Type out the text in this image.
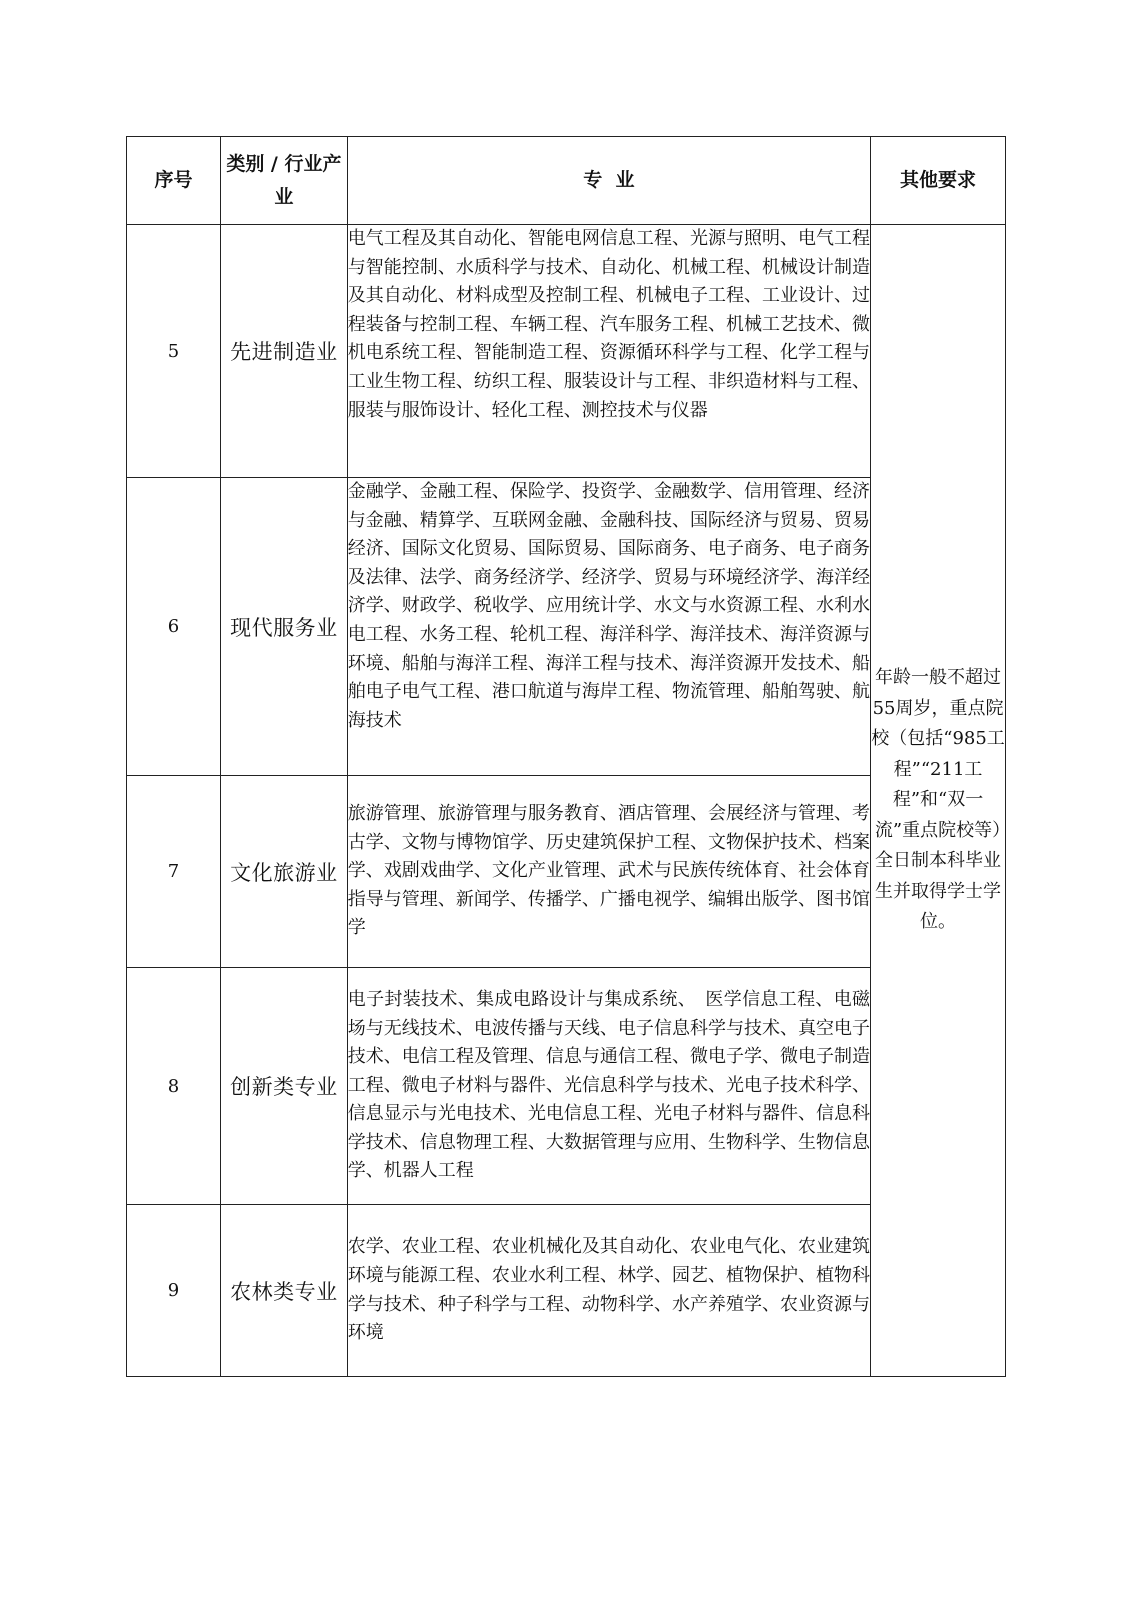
序号	类别 / 行业产业	专  业	其他要求
5	先进制造业	电气工程及其自动化、智能电网信息工程、光源与照明、电气工程与智能控制、水质科学与技术、自动化、机械工程、机械设计制造及其自动化、材料成型及控制工程、机械电子工程、工业设计、过程装备与控制工程、车辆工程、汽车服务工程、机械工艺技术、微机电系统工程、智能制造工程、资源循环科学与工程、化学工程与工业生物工程、纺织工程、服装设计与工程、非织造材料与工程、服装与服饰设计、轻化工程、测控技术与仪器	年龄一般不超过55周岁，重点院校（包括“985工程”“211工程”和“双一流”重点院校等）全日制本科毕业生并取得学士学位。
6	现代服务业	金融学、金融工程、保险学、投资学、金融数学、信用管理、经济与金融、精算学、互联网金融、金融科技、国际经济与贸易、贸易经济、国际文化贸易、国际贸易、国际商务、电子商务、电子商务及法律、法学、商务经济学、经济学、贸易与环境经济学、海洋经济学、财政学、税收学、应用统计学、水文与水资源工程、水利水电工程、水务工程、轮机工程、海洋科学、海洋技术、海洋资源与环境、船舶与海洋工程、海洋工程与技术、海洋资源开发技术、船舶电子电气工程、港口航道与海岸工程、物流管理、船舶驾驶、航海技术	
7	文化旅游业	旅游管理、旅游管理与服务教育、酒店管理、会展经济与管理、考古学、文物与博物馆学、历史建筑保护工程、文物保护技术、档案学、戏剧戏曲学、文化产业管理、武术与民族传统体育、社会体育指导与管理、新闻学、传播学、广播电视学、编辑出版学、图书馆学	
8	创新类专业	电子封装技术、集成电路设计与集成系统、　医学信息工程、电磁场与无线技术、电波传播与天线、电子信息科学与技术、真空电子技术、电信工程及管理、信息与通信工程、微电子学、微电子制造工程、微电子材料与器件、光信息科学与技术、光电子技术科学、信息显示与光电技术、光电信息工程、光电子材料与器件、信息科学技术、信息物理工程、大数据管理与应用、生物科学、生物信息学、机器人工程	
9	农林类专业	农学、农业工程、农业机械化及其自动化、农业电气化、农业建筑环境与能源工程、农业水利工程、林学、园艺、植物保护、植物科学与技术、种子科学与工程、动物科学、水产养殖学、农业资源与环境	
